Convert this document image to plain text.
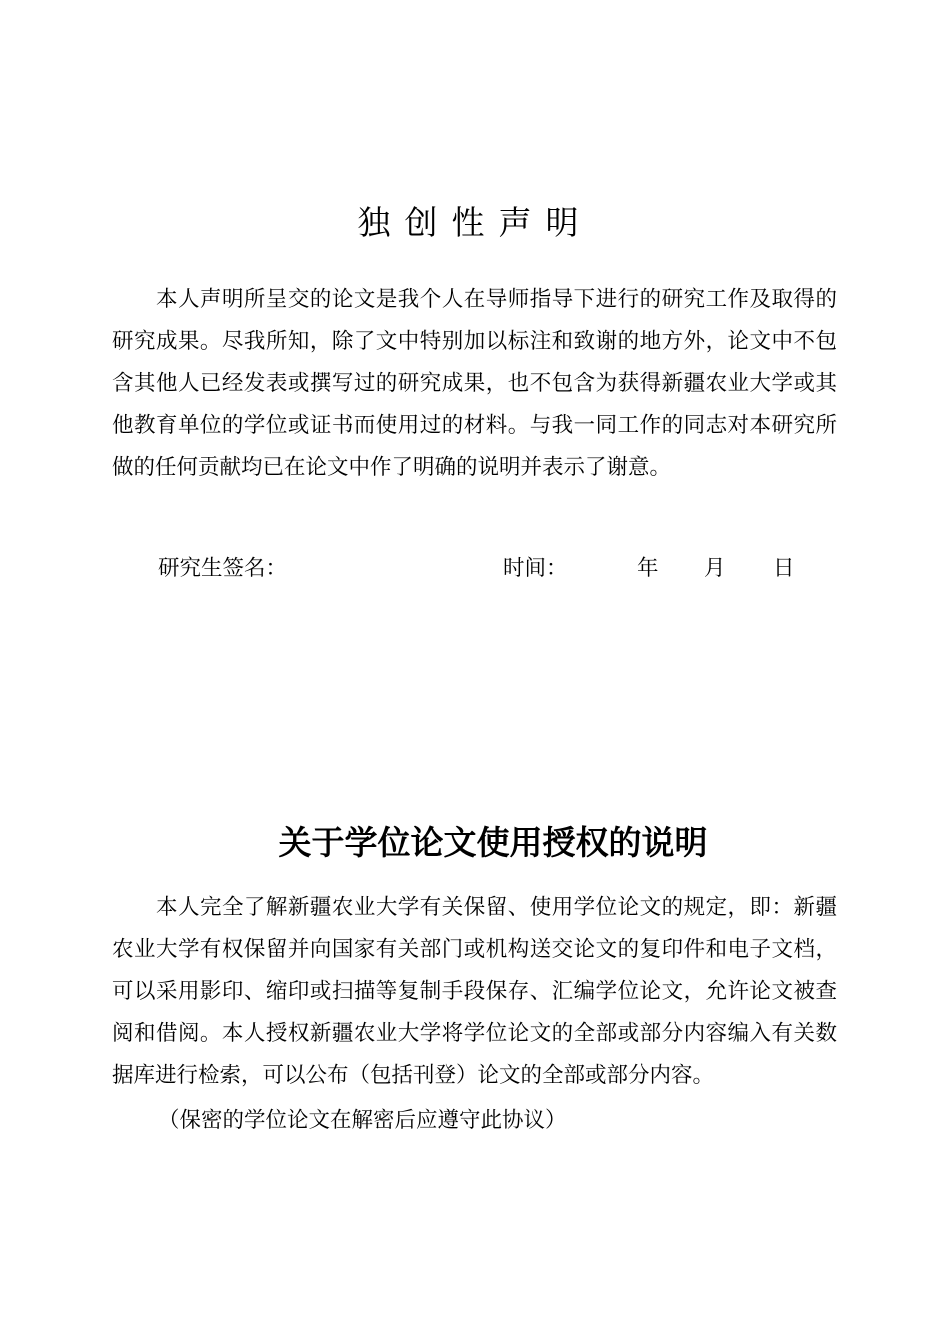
独创性声明

本人声明所呈交的论文是我个人在导师指导下进行的研究工作及取得的研究成果。尽我所知，除了文中特别加以标注和致谢的地方外，论文中不包含其他人已经发表或撰写过的研究成果，也不包含为获得新疆农业大学或其他教育单位的学位或证书而使用过的材料。与我一同工作的同志对本研究所做的任何贡献均已在论文中作了明确的说明并表示了谢意。

研究生签名：	时间：	年 月 日
关于学位论文使用授权的说明

本人完全了解新疆农业大学有关保留、使用学位论文的规定，即：新疆农业大学有权保留并向国家有关部门或机构送交论文的复印件和电子文档，可以采用影印、缩印或扫描等复制手段保存、汇编学位论文，允许论文被查阅和借阅。本人授权新疆农业大学将学位论文的全部或部分内容编入有关数据库进行检索，可以公布（包括刊登）论文的全部或部分内容。

（保密的学位论文在解密后应遵守此协议）
